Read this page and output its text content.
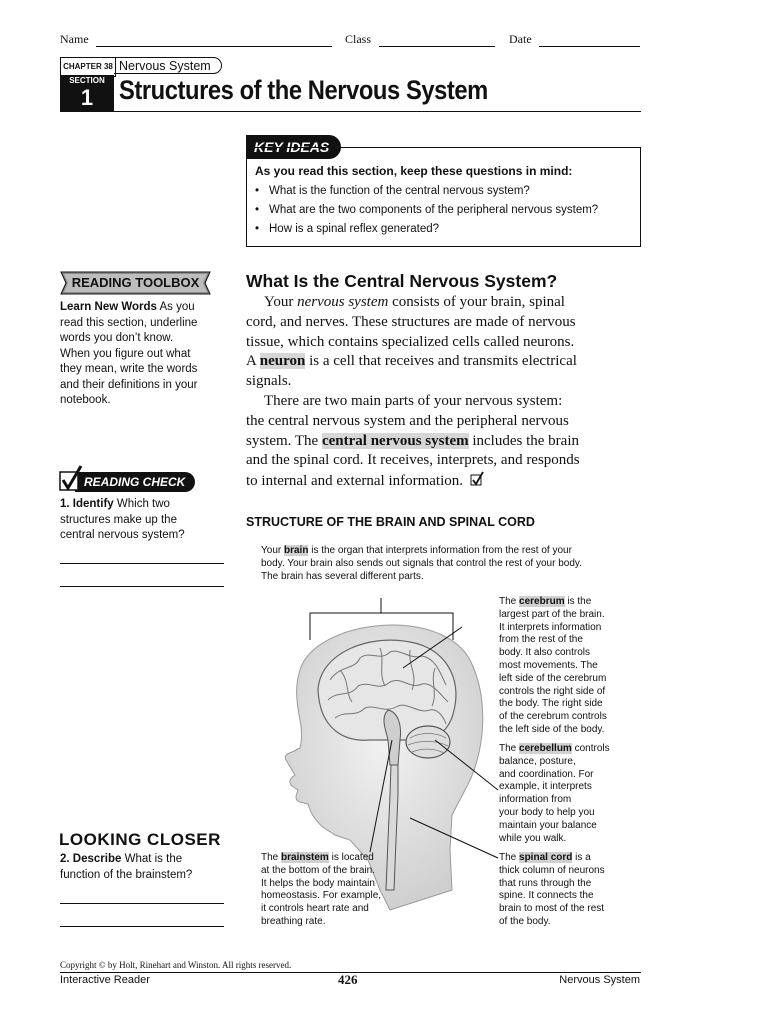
Name	Class	Date
CHAPTER 38 Nervous System
SECTION
1 Structures of the Nervous System
KEY IDEAS
As you read this section, keep these questions in mind:
• What is the function of the central nervous system?
• What are the two components of the peripheral nervous system?
• How is a spinal reflex generated?
READING TOOLBOX
Learn New Words As you
read this section, underline
words you don’t know.
When you figure out what
they mean, write the words
and their definitions in your
notebook.
READING CHECK
1. Identify Which two
structures make up the
central nervous system?
LOOKING CLOSER
2. Describe What is the
function of the brainstem?
What Is the Central Nervous System?
Your nervous system consists of your brain, spinal
cord, and nerves. These structures are made of nervous
tissue, which contains specialized cells called neurons.
A neuron is a cell that receives and transmits electrical
signals.
There are two main parts of your nervous system:
the central nervous system and the peripheral nervous
system. The central nervous system includes the brain
and the spinal cord. It receives, interprets, and responds
to internal and external information.
STRUCTURE OF THE BRAIN AND SPINAL CORD
Your brain is the organ that interprets information from the rest of your
body. Your brain also sends out signals that control the rest of your body.
The brain has several different parts.
The cerebrum is the
largest part of the brain.
It interprets information
from the rest of the
body. It also controls
most movements. The
left side of the cerebrum
controls the right side of
the body. The right side
of the cerebrum controls
the left side of the body.
The cerebellum controls
balance, posture,
and coordination. For
example, it interprets
information from
your body to help you
maintain your balance
while you walk.
The brainstem is located
at the bottom of the brain.
It helps the body maintain
homeostasis. For example,
it controls heart rate and
breathing rate.
The spinal cord is a
thick column of neurons
that runs through the
spine. It connects the
brain to most of the rest
of the body.
Copyright © by Holt, Rinehart and Winston. All rights reserved.
Interactive Reader	426	Nervous System
